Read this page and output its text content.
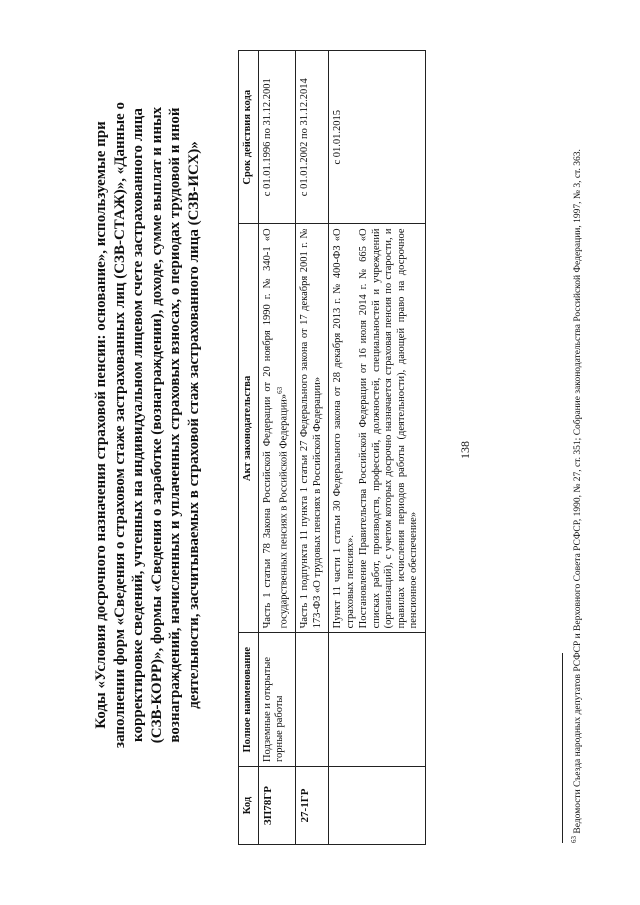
138
Коды «Условия досрочного назначения страховой пенсии: основание», используемые при заполнении форм «Сведения о страховом стаже застрахованных лиц (СЗВ-СТАЖ)», «Данные о корректировке сведений, учтенных на индивидуальном лицевом счете застрахованного лица (СЗВ-КОРР)», формы «Сведения о заработке (вознаграждении), доходе, сумме выплат и иных вознаграждений, начисленных и уплаченных страховых взносах, о периодах трудовой и иной деятельности, засчитываемых в страховой стаж застрахованного лица (СЗВ-ИСХ)»
Код	Полное наименование	Акт законодательства	Срок действия кода
ЗП78ГР	Подземные и открытые горные работы	Часть 1 статьи 78 Закона Российской Федерации от 20 ноября 1990 г. № 340-1 «О государственных пенсиях в Российской Федерации»$^{63}$	с 01.01.1996 по 31.12.2001
27-1ГР		Часть 1 подпункта 11 пункта 1 статьи 27 Федерального закона от 17 декабря 2001 г. № 173-ФЗ «О трудовых пенсиях в Российской Федерации»	с 01.01.2002 по 31.12.2014

		Пункт 11 части 1 статьи 30 Федерального закона от 28 декабря 2013 г. № 400-ФЗ «О страховых пенсиях». Постановление Правительства Российской Федерации от 16 июля 2014 г. № 665 «О списках работ, производств, профессий, должностей, специальностей и учреждений (организаций), с учетом которых досрочно назначается страховая пенсия по старости, и правилах исчисления периодов работы (деятельности), дающей право на досрочное пенсионное обеспечение»	с 01.01.2015
$^{63}$ Ведомости Съезда народных депутатов РСФСР и Верховного Совета РСФСР, 1990, № 27, ст. 351; Собрание законодательства Российской Федерации, 1997, № 3, ст. 363.
